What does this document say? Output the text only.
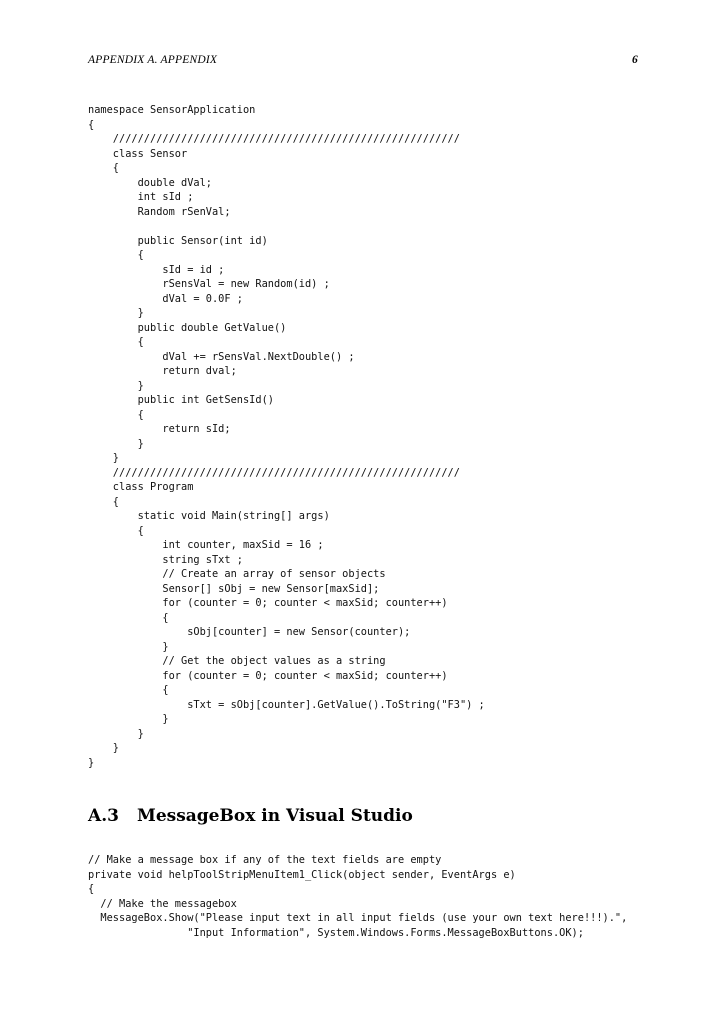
APPENDIX A. APPENDIX	6
namespace SensorApplication
{
////////////////////////////////////////////////////////
class Sensor
{
double dVal;
int sId ;
Random rSenVal;
public Sensor(int id)
{
sId = id ;
rSensVal = new Random(id) ;
dVal = 0.0F ;
}
public double GetValue()
{
dVal += rSensVal.NextDouble() ;
return dval;
}
public int GetSensId()
{
return sId;
}
}
////////////////////////////////////////////////////////
class Program
{
static void Main(string[] args)
{
int counter, maxSid = 16 ;
string sTxt ;
// Create an array of sensor objects
Sensor[] sObj = new Sensor[maxSid];
for (counter = 0; counter < maxSid; counter++)
{
sObj[counter] = new Sensor(counter);
}
// Get the object values as a string
for (counter = 0; counter < maxSid; counter++)
{
sTxt = sObj[counter].GetValue().ToString("F3") ;
}
}
}
}
A.3 MessageBox in Visual Studio
// Make a message box if any of the text fields are empty
private void helpToolStripMenuItem1_Click(object sender, EventArgs e)
{
// Make the messagebox
MessageBox.Show("Please input text in all input fields (use your own text here!!!).",
"Input Information", System.Windows.Forms.MessageBoxButtons.OK);
